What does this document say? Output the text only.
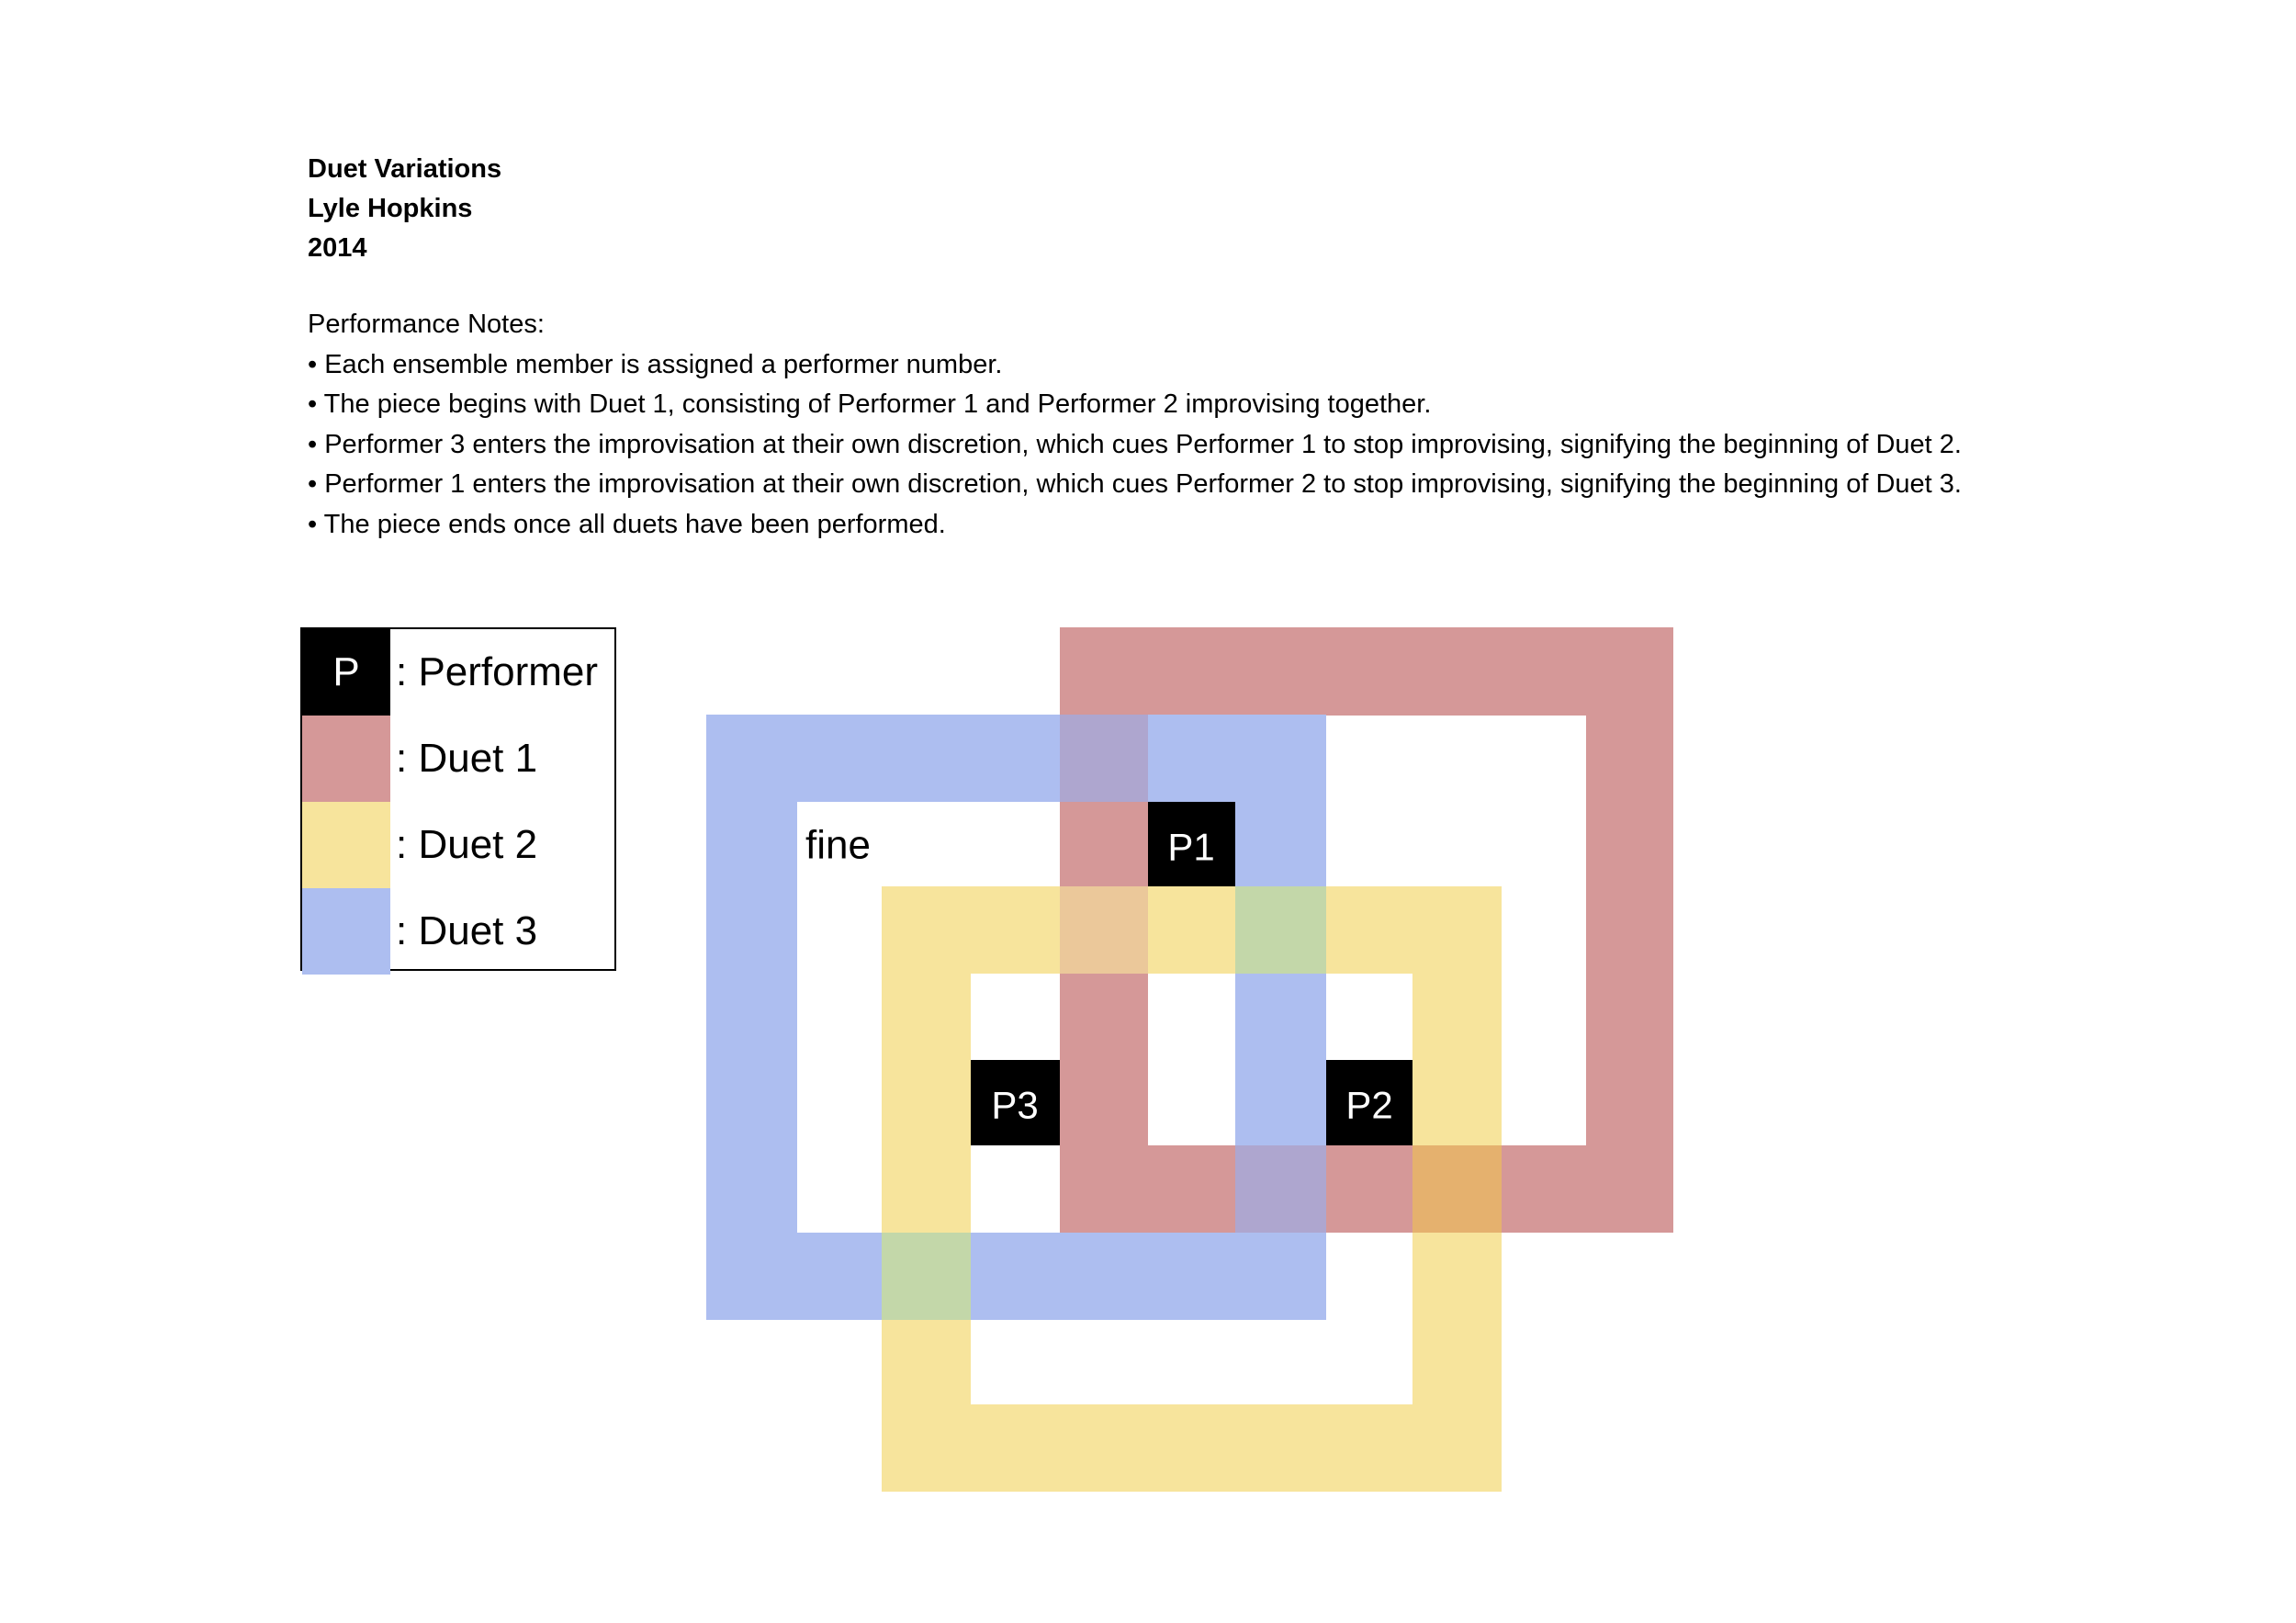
Duet Variations
Lyle Hopkins
2014
Performance Notes:
• Each ensemble member is assigned a performer number.
• The piece begins with Duet 1, consisting of Performer 1 and Performer 2 improvising together.
• Performer 3 enters the improvisation at their own discretion, which cues Performer 1 to stop improvising, signifying the beginning of Duet 2.
• Performer 1 enters the improvisation at their own discretion, which cues Performer 2 to stop improvising, signifying the beginning of Duet 3.
• The piece ends once all duets have been performed.
P : Performer
: Duet 1
: Duet 2
: Duet 3
P1
P2
P3
fine
